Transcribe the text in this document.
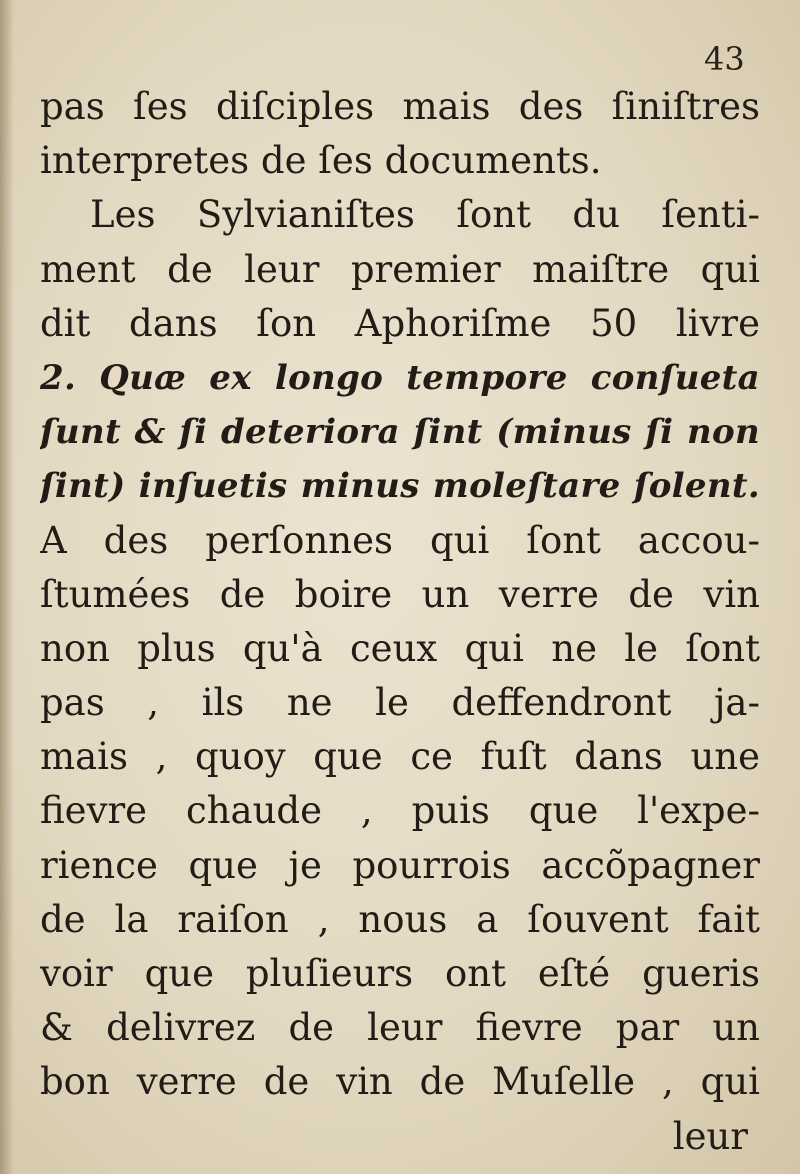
43
pas ſes diſciples mais des ſiniſtres
interpretes de ſes documents.
Les Sylvianiſtes ſont du ſenti-
ment de leur premier maiſtre qui
dit dans ſon Aphoriſme 50 livre
2. Quæ ex longo tempore conſueta
ſunt & ſi deteriora ſint (minus ſi non
ſint) inſuetis minus moleſtare ſolent.
A des perſonnes qui ſont accou-
ſtumées de boire un verre de vin
non plus qu'à ceux qui ne le ſont
pas , ils ne le deffendront ja-
mais , quoy que ce fuſt dans une
fievre chaude , puis que l'expe-
rience que je pourrois accõpagner
de la raiſon , nous a ſouvent fait
voir que pluſieurs ont eſté gueris
& delivrez de leur fievre par un
bon verre de vin de Muſelle , qui
leur
